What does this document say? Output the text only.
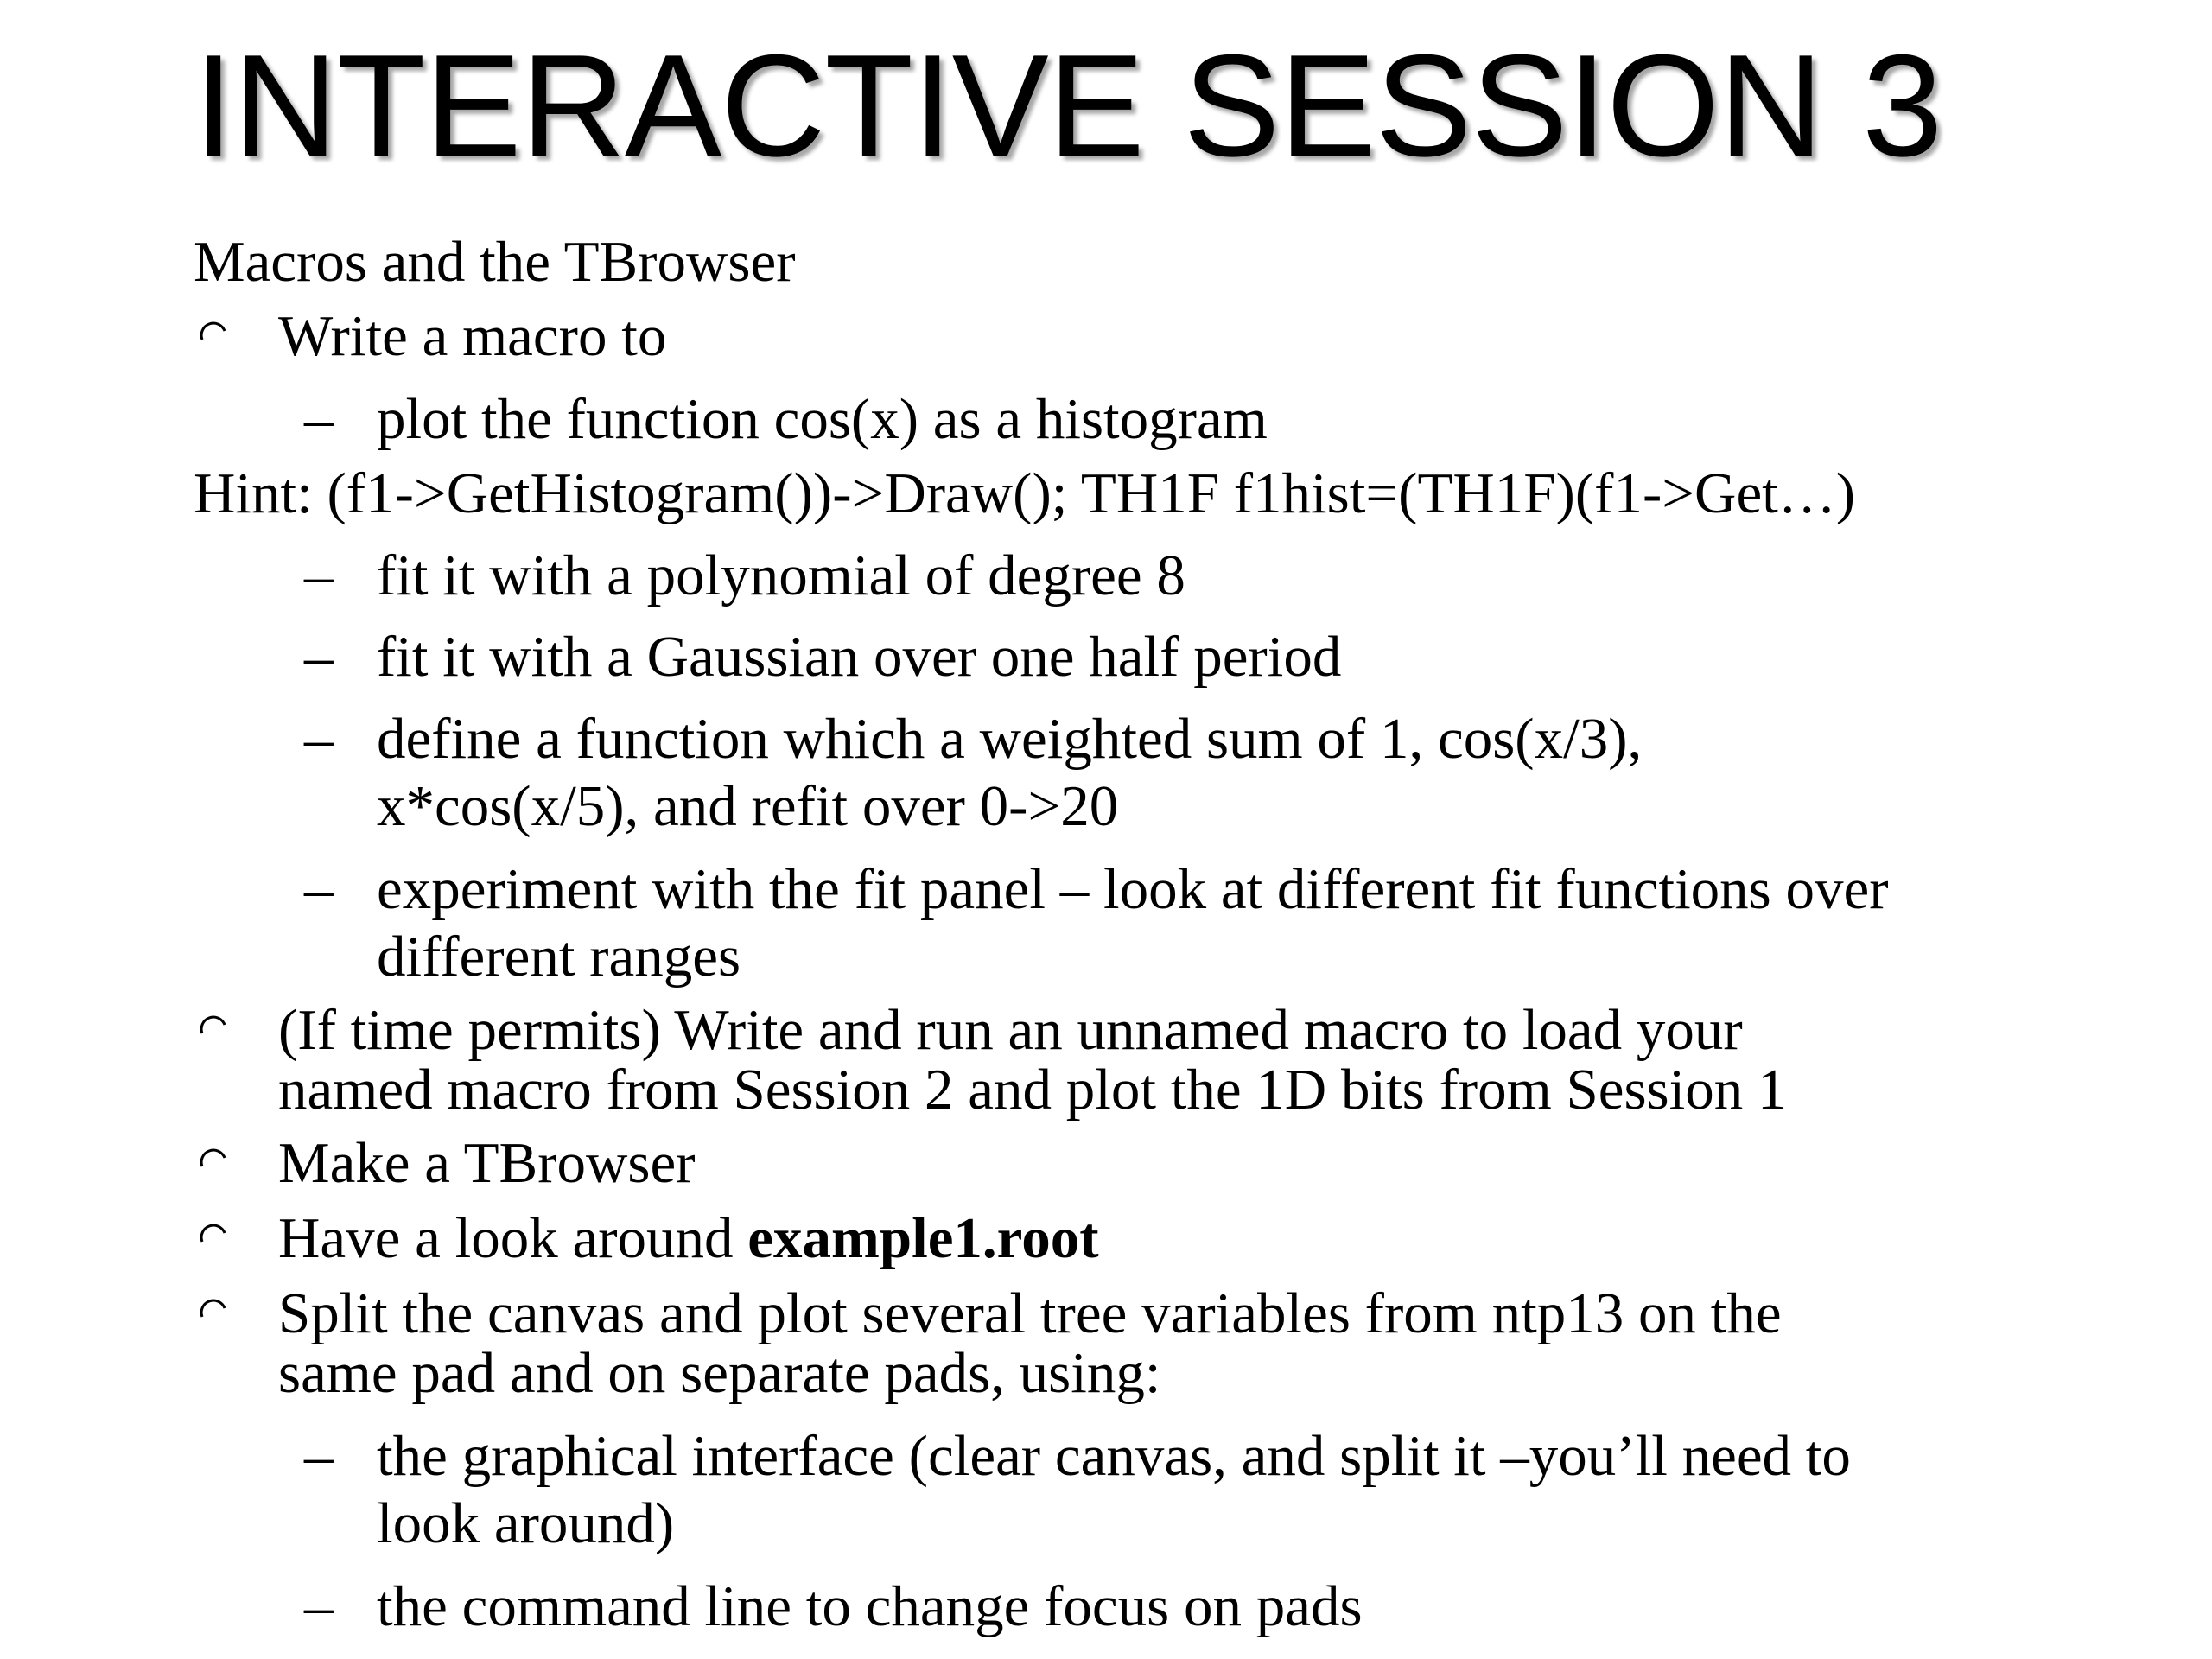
INTERACTIVE SESSION 3
Macros and the TBrowser
Write a macro to
– plot the function cos(x) as a histogram
Hint: (f1->GetHistogram())->Draw(); TH1F f1hist=(TH1F)(f1->Get…)
– fit it with a polynomial of degree 8
– fit it with a Gaussian over one half period
– define a function which a weighted sum of 1, cos(x/3),
x*cos(x/5), and refit over 0->20
– experiment with the fit panel – look at different fit functions over
different ranges
(If time permits) Write and run an unnamed macro to load your
named macro from Session 2 and plot the 1D bits from Session 1
Make a TBrowser
Have a look around example1.root
Split the canvas and plot several tree variables from ntp13 on the
same pad and on separate pads, using:
– the graphical interface (clear canvas, and split it –you’ll need to
look around)
– the command line to change focus on pads
